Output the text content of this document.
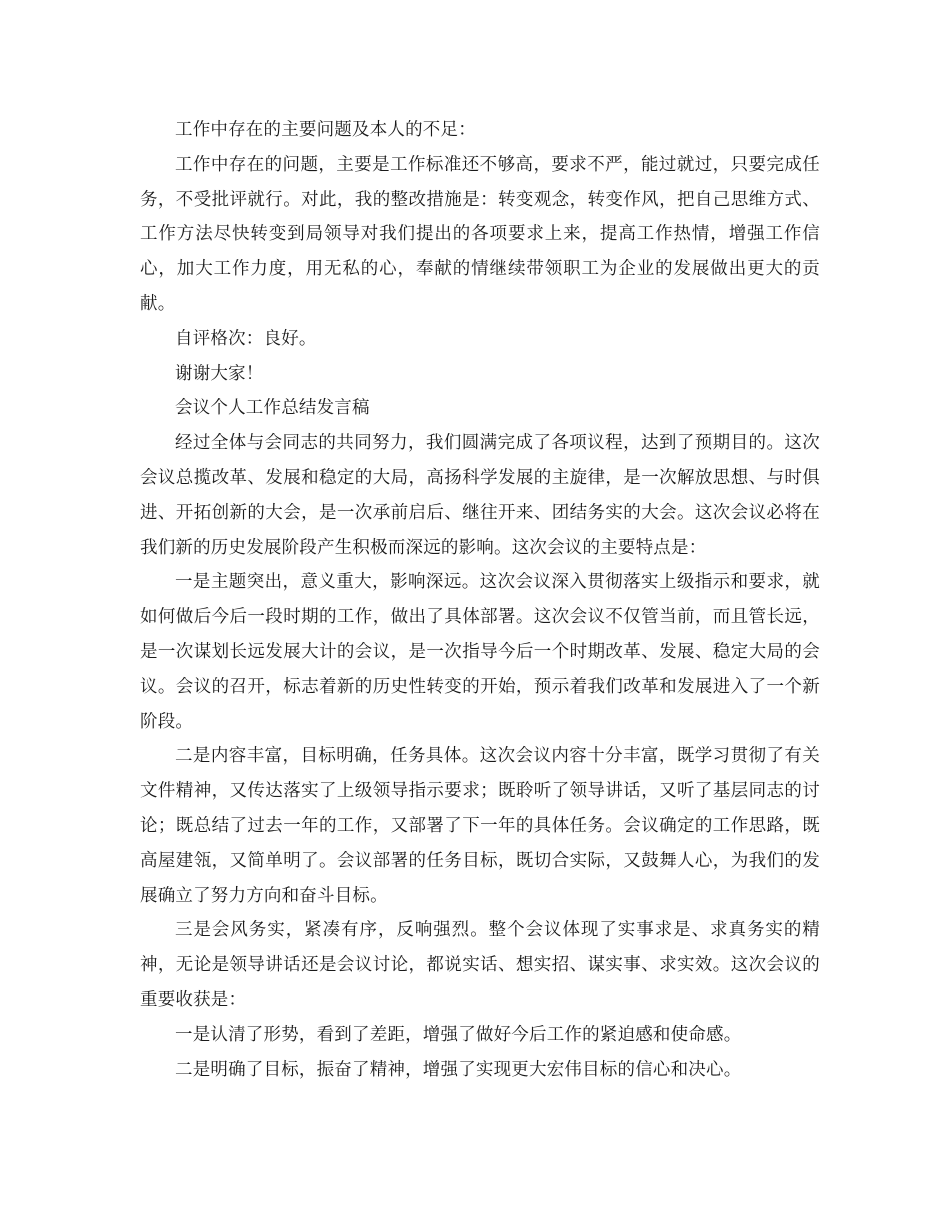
工作中存在的主要问题及本人的不足：

工作中存在的问题，主要是工作标准还不够高，要求不严，能过就过，只要完成任务，不受批评就行。对此，我的整改措施是：转变观念，转变作风，把自己思维方式、工作方法尽快转变到局领导对我们提出的各项要求上来，提高工作热情，增强工作信心，加大工作力度，用无私的心，奉献的情继续带领职工为企业的发展做出更大的贡献。

自评格次：良好。

谢谢大家！

会议个人工作总结发言稿

经过全体与会同志的共同努力，我们圆满完成了各项议程，达到了预期目的。这次会议总揽改革、发展和稳定的大局，高扬科学发展的主旋律，是一次解放思想、与时俱进、开拓创新的大会，是一次承前启后、继往开来、团结务实的大会。这次会议必将在我们新的历史发展阶段产生积极而深远的影响。这次会议的主要特点是：

一是主题突出，意义重大，影响深远。这次会议深入贯彻落实上级指示和要求，就如何做后今后一段时期的工作，做出了具体部署。这次会议不仅管当前，而且管长远，是一次谋划长远发展大计的会议，是一次指导今后一个时期改革、发展、稳定大局的会议。会议的召开，标志着新的历史性转变的开始，预示着我们改革和发展进入了一个新阶段。

二是内容丰富，目标明确，任务具体。这次会议内容十分丰富，既学习贯彻了有关文件精神，又传达落实了上级领导指示要求；既聆听了领导讲话，又听了基层同志的讨论；既总结了过去一年的工作，又部署了下一年的具体任务。会议确定的工作思路，既高屋建瓴，又简单明了。会议部署的任务目标，既切合实际，又鼓舞人心，为我们的发展确立了努力方向和奋斗目标。

三是会风务实，紧凑有序，反响强烈。整个会议体现了实事求是、求真务实的精神，无论是领导讲话还是会议讨论，都说实话、想实招、谋实事、求实效。这次会议的重要收获是：

一是认清了形势，看到了差距，增强了做好今后工作的紧迫感和使命感。

二是明确了目标，振奋了精神，增强了实现更大宏伟目标的信心和决心。
